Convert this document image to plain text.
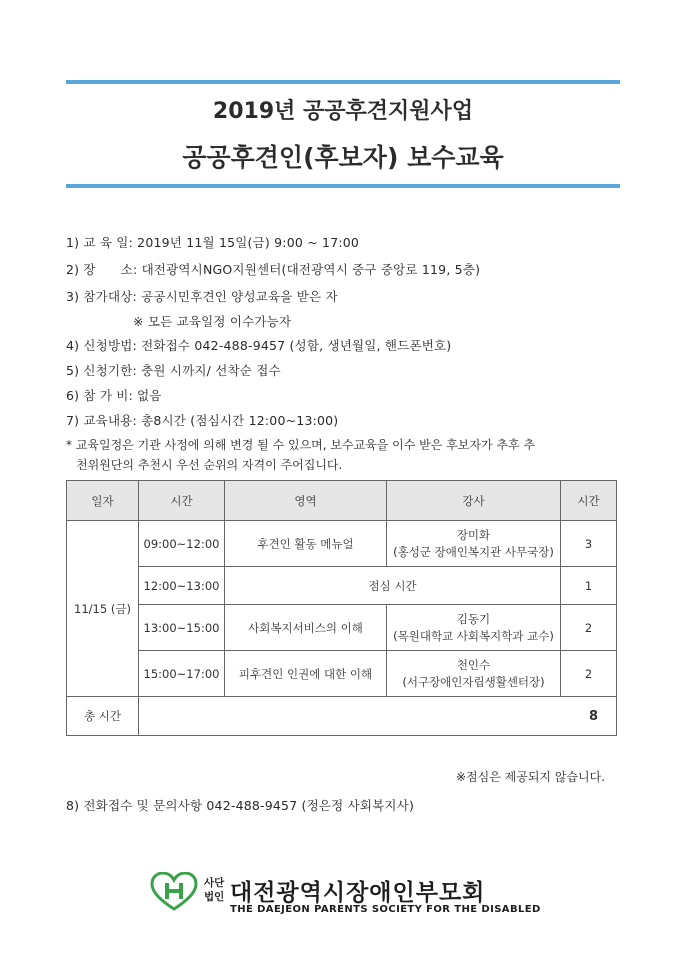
2019년 공공후견지원사업
공공후견인(후보자) 보수교육
1) 교 육 일: 2019년 11월 15일(금) 9:00 ~ 17:00
2) 장      소: 대전광역시NGO지원센터(대전광역시 중구 중앙로 119, 5층)
3) 참가대상: 공공시민후견인 양성교육을 받은 자
※ 모든 교육일정 이수가능자
4) 신청방법: 전화접수 042-488-9457 (성함, 생년월일, 핸드폰번호)
5) 신청기한: 충원 시까지/ 선착순 접수
6) 참 가 비: 없음
7) 교육내용: 총8시간 (점심시간 12:00~13:00)
* 교육일정은 기관 사정에 의해 변경 될 수 있으며, 보수교육을 이수 받은 후보자가 추후 추
천위원단의 추천시 우선 순위의 자격이 주어집니다.
일자	시간	영역	강사	시간
11/15 (금)	09:00~12:00	후견인 활동 메뉴얼	장미화
(홍성군 장애인복지관 사무국장)	3
	12:00~13:00	점심 시간		1
	13:00~15:00	사회복지서비스의 이해	김동기
(목원대학교 사회복지학과 교수)	2
	15:00~17:00	피후견인 인권에 대한 이해	천인수
(서구장애인자립생활센터장)	2
총 시간	8			
※점심은 제공되지 않습니다.
8) 전화접수 및 문의사항 042-488-9457 (정은정 사회복지사)
사단
법인 대전광역시장애인부모회
THE DAEJEON PARENTS SOCIETY FOR THE DISABLED
